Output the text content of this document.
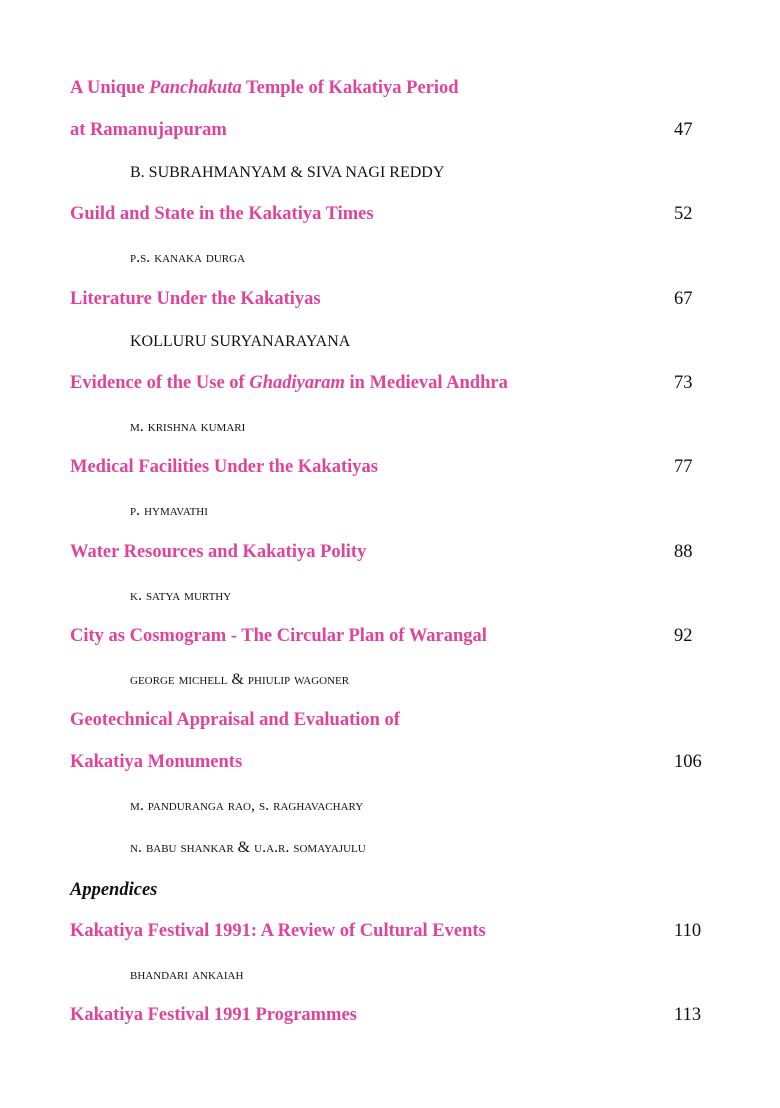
A Unique Panchakuta Temple of Kakatiya Period
at Ramanujapuram	47
B. SUBRAHMANYAM & SIVA NAGI REDDY
Guild and State in the Kakatiya Times	52
p.s. kanaka durga
Literature Under the Kakatiyas	67
KOLLURU SURYANARAYANA
Evidence of the Use of Ghadiyaram in Medieval Andhra	73
m. krishna kumari
Medical Facilities Under the Kakatiyas	77
p. hymavathi
Water Resources and Kakatiya Polity	88
k. satya murthy
City as Cosmogram - The Circular Plan of Warangal	92
george michell & phiulip wagoner
Geotechnical Appraisal and Evaluation of
Kakatiya Monuments	106
m. panduranga rao, s. raghavachary
n. babu shankar & u.a.r. somayajulu
Appendices
Kakatiya Festival 1991: A Review of Cultural Events	110
bhandari ankaiah
Kakatiya Festival 1991 Programmes	113
